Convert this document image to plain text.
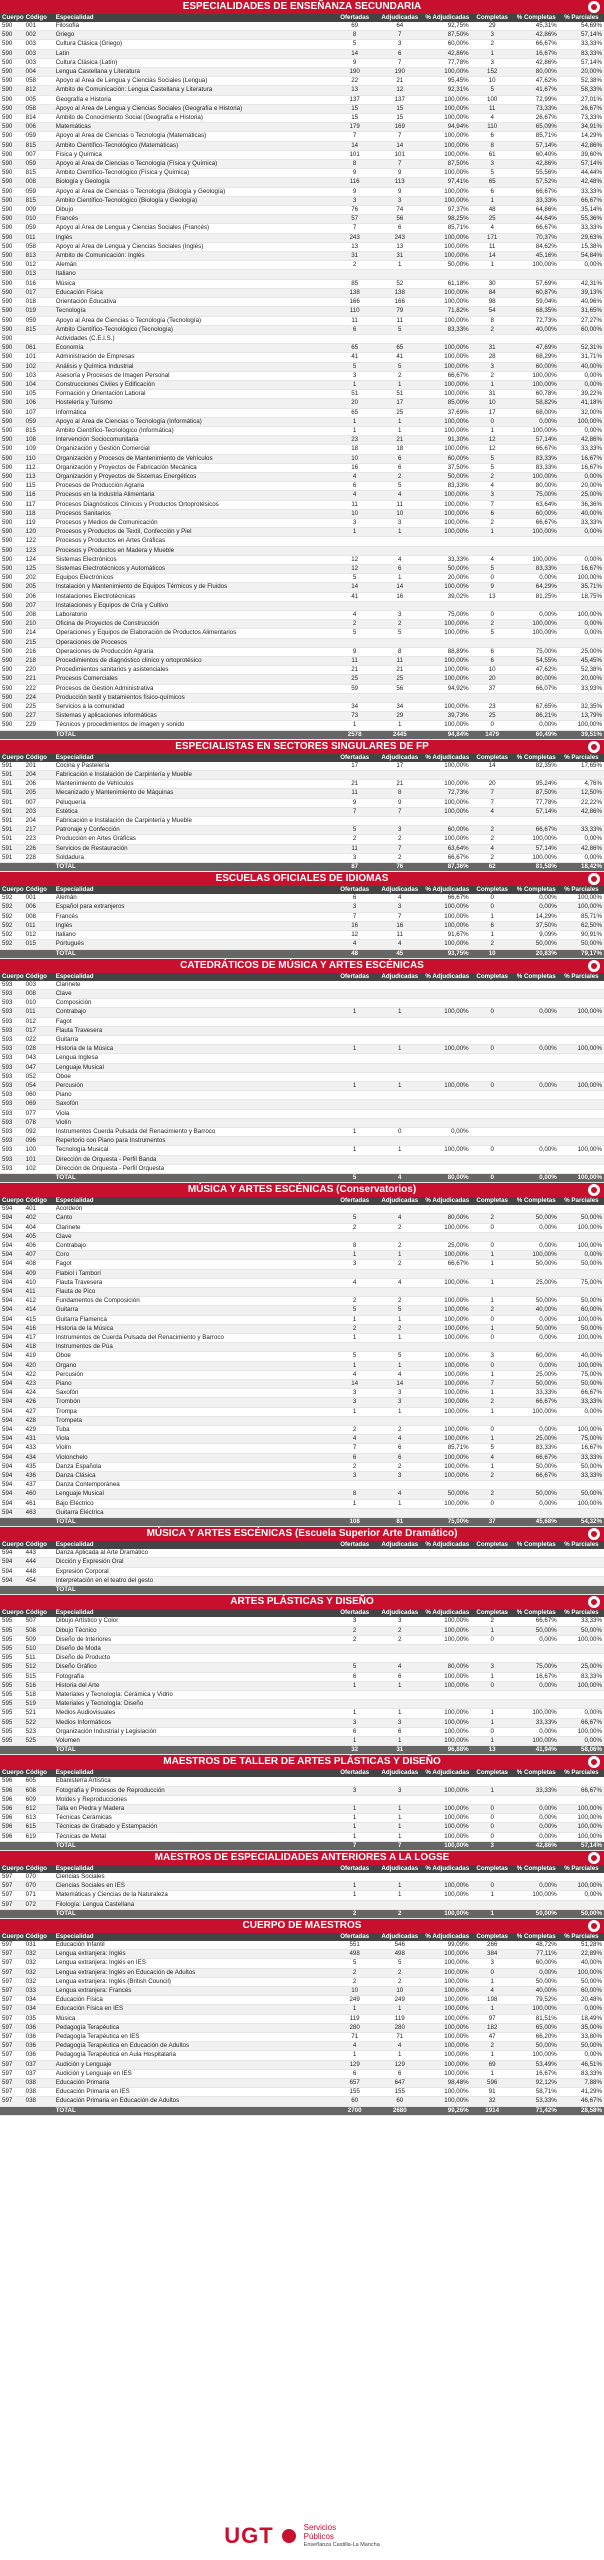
ESPECIALIDADES DE ENSEÑANZA SECUNDARIA
Cuerpo	Código	Especialidad	Ofertadas	Adjudicadas	% Adjudicadas	Completas	% Completas	% Parciales
590	001	Filosofía	69	64	92,75%	29	45,31%	54,69%
590	002	Griego	8	7	87,50%	3	42,86%	57,14%
590	003	Cultura Clásica (Griego)	5	3	60,00%	2	66,67%	33,33%
590	003	Latín	14	6	42,86%	1	16,67%	83,33%
590	003	Cultura Clásica (Latín)	9	7	77,78%	3	42,86%	57,14%
590	004	Lengua Castellana y Literatura	190	190	100,00%	152	80,00%	20,00%
590	058	Apoyo al Área de Lengua y Ciencias Sociales (Lengua)	22	21	95,45%	10	47,62%	52,38%
590	812	Ámbito de Comunicación: Lengua Castellana y Literatura	13	12	92,31%	5	41,67%	58,33%
590	005	Geografía e Historia	137	137	100,00%	100	72,99%	27,01%
590	058	Apoyo al Área de Lengua y Ciencias Sociales (Geografía e Historia)	15	15	100,00%	11	73,33%	26,67%
590	814	Ámbito de Conocimiento Social (Geografía e Historia)	15	15	100,00%	4	26,67%	73,33%
590	006	Matemáticas	179	169	94,94%	110	65,09%	34,91%
590	059	Apoyo al Área de Ciencias o Tecnología (Matemáticas)	7	7	100,00%	6	85,71%	14,29%
590	815	Ámbito Científico-Tecnológico (Matemáticas)	14	14	100,00%	8	57,14%	42,86%
590	007	Física y Química	101	101	100,00%	61	60,40%	39,60%
590	059	Apoyo al Área de Ciencias o Tecnología (Física y Química)	8	7	87,50%	3	42,86%	57,14%
590	815	Ámbito Científico-Tecnológico (Física y Química)	9	9	100,00%	5	55,56%	44,44%
590	008	Biología y Geología	116	113	97,41%	65	57,52%	42,48%
590	059	Apoyo al Área de Ciencias o Tecnología (Biología y Geología)	9	9	100,00%	6	66,67%	33,33%
590	815	Ámbito Científico-Tecnológico (Biología y Geología)	3	3	100,00%	1	33,33%	66,67%
590	009	Dibujo	76	74	97,37%	48	64,86%	35,14%
590	010	Francés	57	56	98,25%	25	44,64%	55,36%
590	059	Apoyo al Área de Lengua y Ciencias Sociales (Francés)	7	6	85,71%	4	66,67%	33,33%
590	011	Inglés	243	243	100,00%	171	70,37%	29,63%
590	058	Apoyo al Área de Lengua y Ciencias Sociales (Inglés)	13	13	100,00%	11	84,62%	15,38%
590	813	Ámbito de Comunicación: Inglés	31	31	100,00%	14	45,16%	54,84%
590	012	Alemán	2	1	50,00%	1	100,00%	0,00%
590	013	Italiano						
590	016	Música	85	52	61,18%	30	57,69%	42,31%
590	017	Educación Física	138	138	100,00%	84	60,87%	39,13%
590	018	Orientación Educativa	166	166	100,00%	98	59,04%	40,96%
590	019	Tecnología	110	79	71,82%	54	68,35%	31,65%
590	059	Apoyo al Área de Ciencias o Tecnología (Tecnología)	11	11	100,00%	8	72,73%	27,27%
590	815	Ámbito Científico-Tecnológico (Tecnología)	6	5	83,33%	2	40,00%	60,00%
590		Actividades (C.E.I.S.)						
590	061	Economía	65	65	100,00%	31	47,69%	52,31%
590	101	Administración de Empresas	41	41	100,00%	28	68,29%	31,71%
590	102	Análisis y Química Industrial	5	5	100,00%	3	60,00%	40,00%
590	103	Asesoría y Procesos de Imagen Personal	3	2	66,67%	2	100,00%	0,00%
590	104	Construcciones Civiles y Edificación	1	1	100,00%	1	100,00%	0,00%
590	105	Formación y Orientación Laboral	51	51	100,00%	31	60,78%	39,22%
590	106	Hostelería y Turismo	20	17	85,00%	10	58,82%	41,18%
590	107	Informática	65	25	37,69%	17	68,00%	32,00%
590	059	Apoyo al Área de Ciencias o Tecnología (Informática)	1	1	100,00%	0	0,00%	100,00%
590	815	Ámbito Científico-Tecnológico (Informática)	1	1	100,00%	1	100,00%	0,00%
590	108	Intervención Sociocomunitaria	23	21	91,30%	12	57,14%	42,86%
590	109	Organización y Gestión Comercial	18	18	100,00%	12	66,67%	33,33%
590	110	Organización y Procesos de Mantenimiento de Vehículos	10	6	60,00%	5	83,33%	16,67%
590	112	Organización y Proyectos de Fabricación Mecánica	16	6	37,50%	5	83,33%	16,67%
590	113	Organización y Proyectos de Sistemas Energéticos	4	2	50,00%	2	100,00%	0,00%
590	115	Procesos de Producción Agraria	6	5	83,33%	4	80,00%	20,00%
590	116	Procesos en la Industria Alimentaria	4	4	100,00%	3	75,00%	25,00%
590	117	Procesos Diagnósticos Clínicos y Productos Ortoprotésicos	11	11	100,00%	7	63,64%	36,36%
590	118	Procesos Sanitarios	10	10	100,00%	6	60,00%	40,00%
590	119	Procesos y Medios de Comunicación	3	3	100,00%	2	66,67%	33,33%
590	120	Procesos y Productos de Textil, Confección y Piel	1	1	100,00%	1	100,00%	0,00%
590	122	Procesos y Productos en Artes Gráficas						
590	123	Procesos y Productos en Madera y Mueble						
590	124	Sistemas Electrónicos	12	4	33,33%	4	100,00%	0,00%
590	125	Sistemas Electrotécnicos y Automáticos	12	6	50,00%	5	83,33%	16,67%
590	202	Equipos Electrónicos	5	1	20,00%	0	0,00%	100,00%
590	205	Instalación y Mantenimiento de Equipos Térmicos y de Fluidos	14	14	100,00%	9	64,29%	35,71%
590	206	Instalaciones Electrotécnicas	41	16	39,02%	13	81,25%	18,75%
590	207	Instalaciones y Equipos de Cría y Cultivo						
590	208	Laboratorio	4	3	75,00%	0	0,00%	100,00%
590	210	Oficina de Proyectos de Construcción	2	2	100,00%	2	100,00%	0,00%
590	214	Operaciones y Equipos de Elaboración de Productos Alimentarios	5	5	100,00%	5	100,00%	0,00%
590	215	Operaciones de Procesos						
590	216	Operaciones de Producción Agraria	9	8	88,89%	6	75,00%	25,00%
590	218	Procedimientos de diagnóstico clínico y ortoprotésico	11	11	100,00%	6	54,55%	45,45%
590	220	Procedimientos sanitarios y asistenciales	21	21	100,00%	10	47,62%	52,38%
590	221	Procesos Comerciales	25	25	100,00%	20	80,00%	20,00%
590	222	Procesos de Gestión Administrativa	59	56	94,92%	37	66,07%	33,93%
590	224	Producción textil y tratamientos físico-químicos						
590	225	Servicios a la comunidad	34	34	100,00%	23	67,65%	32,35%
590	227	Sistemas y aplicaciones informáticas	73	29	39,73%	25	86,21%	13,79%
590	229	Técnicos y procedimientos de imagen y sonido	1	1	100,00%	0	0,00%	100,00%
		TOTAL	2578	2445	94,84%	1479	60,49%	39,51%
ESPECIALISTAS EN SECTORES SINGULARES DE FP
Cuerpo	Código	Especialidad	Ofertadas	Adjudicadas	% Adjudicadas	Completas	% Completas	% Parciales
591	201	Cocina y Pastelería	17	17	100,00%	14	82,35%	17,65%
591	204	Fabricación e Instalación de Carpintería y Mueble						
591	206	Mantenimiento de Vehículos	21	21	100,00%	20	95,24%	4,76%
591	205	Mecanizado y Mantenimiento de Máquinas	11	8	72,73%	7	87,50%	12,50%
591	007	Peluquería	9	9	100,00%	7	77,78%	22,22%
591	203	Estética	7	7	100,00%	4	57,14%	42,86%
591	204	Fabricación e Instalación de Carpintería y Mueble						
591	217	Patronaje y Confección	5	3	60,00%	2	66,67%	33,33%
591	223	Producción en Artes Gráficas	2	2	100,00%	2	100,00%	0,00%
591	226	Servicios de Restauración	11	7	63,64%	4	57,14%	42,86%
591	228	Soldadura	3	2	66,67%	2	100,00%	0,00%
		TOTAL	87	76	87,36%	62	81,58%	18,42%
ESCUELAS OFICIALES DE IDIOMAS
Cuerpo	Código	Especialidad	Ofertadas	Adjudicadas	% Adjudicadas	Completas	% Completas	% Parciales
592	001	Alemán	6	4	66,67%	0	0,00%	100,00%
592	006	Español para extranjeros	3	3	100,00%	0	0,00%	100,00%
592	008	Francés	7	7	100,00%	1	14,29%	85,71%
592	011	Inglés	16	16	100,00%	6	37,50%	62,50%
592	012	Italiano	12	11	91,67%	1	9,09%	90,91%
592	015	Portugués	4	4	100,00%	2	50,00%	50,00%
		TOTAL	48	45	93,75%	10	20,83%	79,17%
CATEDRÁTICOS DE MÚSICA Y ARTES ESCÉNICAS
Cuerpo	Código	Especialidad	Ofertadas	Adjudicadas	% Adjudicadas	Completas	% Completas	% Parciales
593	003	Clarinete						
593	008	Clave						
593	010	Composición						
593	011	Contrabajo	1	1	100,00%	0	0,00%	100,00%
593	012	Fagot						
593	017	Flauta Travesera						
593	022	Guitarra						
593	028	Historia de la Música	1	1	100,00%	0	0,00%	100,00%
593	043	Lengua Inglesa						
593	047	Lenguaje Musical						
593	052	Oboe						
593	054	Percusión	1	1	100,00%	0	0,00%	100,00%
593	060	Piano						
593	069	Saxofón						
593	077	Viola						
593	078	Violín						
593	092	Instrumentos Cuerda Pulsada del Renacimiento y Barroco	1	0	0,00%			
593	096	Repertorio con Piano para Instrumentos						
593	100	Tecnología Musical	1	1	100,00%	0	0,00%	100,00%
593	101	Dirección de Orquesta - Perfil Banda						
593	102	Dirección de Orquesta - Perfil Orquesta						
		TOTAL	5	4	80,00%	0	0,00%	100,00%
MÚSICA Y ARTES ESCÉNICAS (Conservatorios)
Cuerpo	Código	Especialidad	Ofertadas	Adjudicadas	% Adjudicadas	Completas	% Completas	% Parciales
594	401	Acordeón						
594	402	Canto	5	4	80,00%	2	50,00%	50,00%
594	404	Clarinete	2	2	100,00%	0	0,00%	100,00%
594	405	Clave						
594	406	Contrabajo	8	2	25,00%	0	0,00%	100,00%
594	407	Coro	1	1	100,00%	1	100,00%	0,00%
594	408	Fagot	3	2	66,67%	1	50,00%	50,00%
594	409	Flabiol i Tamborí						
594	410	Flauta Travesera	4	4	100,00%	1	25,00%	75,00%
594	411	Flauta de Pico						
594	412	Fundamentos de Composición	2	2	100,00%	1	50,00%	50,00%
594	414	Guitarra	5	5	100,00%	2	40,00%	60,00%
594	415	Guitarra Flamenca	1	1	100,00%	0	0,00%	100,00%
594	416	Historia de la Música	2	2	100,00%	1	50,00%	50,00%
594	417	Instrumentos de Cuerda Pulsada del Renacimiento y Barroco	1	1	100,00%	0	0,00%	100,00%
594	418	Instrumentos de Púa						
594	419	Oboe	5	5	100,00%	3	60,00%	40,00%
594	420	Órgano	1	1	100,00%	0	0,00%	100,00%
594	422	Percusión	4	4	100,00%	1	25,00%	75,00%
594	423	Piano	14	14	100,00%	7	50,00%	50,00%
594	424	Saxofón	3	3	100,00%	1	33,33%	66,67%
594	426	Trombón	3	3	100,00%	2	66,67%	33,33%
594	427	Trompa	1	1	100,00%	1	100,00%	0,00%
594	428	Trompeta						
594	429	Tuba	2	2	100,00%	0	0,00%	100,00%
594	431	Viola	4	4	100,00%	1	25,00%	75,00%
594	433	Violín	7	6	85,71%	5	83,33%	16,67%
594	434	Violonchelo	6	6	100,00%	4	66,67%	33,33%
594	435	Danza Española	2	2	100,00%	1	50,00%	50,00%
594	436	Danza Clásica	3	3	100,00%	2	66,67%	33,33%
594	437	Danza Contemporánea						
594	460	Lenguaje Musical	8	4	50,00%	2	50,00%	50,00%
594	461	Bajo Eléctrico	1	1	100,00%	0	0,00%	100,00%
594	463	Guitarra Eléctrica						
		TOTAL	108	81	75,00%	37	45,68%	54,32%
MÚSICA Y ARTES ESCÉNICAS (Escuela Superior Arte Dramático)
Cuerpo	Código	Especialidad	Ofertadas	Adjudicadas	% Adjudicadas	Completas	% Completas	% Parciales
594	443	Danza Aplicada al Arte Dramático						
594	444	Dicción y Expresión Oral						
594	448	Expresión Corporal						
594	454	Interpretación en el teatro del gesto						
		TOTAL						
ARTES PLÁSTICAS Y DISEÑO
Cuerpo	Código	Especialidad	Ofertadas	Adjudicadas	% Adjudicadas	Completas	% Completas	% Parciales
595	507	Dibujo Artístico y Color	3	3	100,00%	2	66,67%	33,33%
595	508	Dibujo Técnico	2	2	100,00%	1	50,00%	50,00%
595	509	Diseño de Interiores	2	2	100,00%	0	0,00%	100,00%
595	510	Diseño de Moda						
595	511	Diseño de Producto						
595	512	Diseño Gráfico	5	4	80,00%	3	75,00%	25,00%
595	515	Fotografía	6	6	100,00%	1	16,67%	83,33%
595	516	Historia del Arte	1	1	100,00%	0	0,00%	100,00%
595	518	Materiales y Tecnología: Cerámica y Vidrio						
595	519	Materiales y Tecnología: Diseño						
595	521	Medios Audiovisuales	1	1	100,00%	1	100,00%	0,00%
595	522	Medios Informáticos	3	3	100,00%	1	33,33%	66,67%
595	523	Organización Industrial y Legislación	6	6	100,00%	0	0,00%	100,00%
595	525	Volumen	1	1	100,00%	1	100,00%	0,00%
		TOTAL	32	31	96,88%	13	41,94%	58,06%
MAESTROS DE TALLER DE ARTES PLÁSTICAS Y DISEÑO
Cuerpo	Código	Especialidad	Ofertadas	Adjudicadas	% Adjudicadas	Completas	% Completas	% Parciales
596	605	Ebanistería Artística						
596	608	Fotografía y Procesos de Reproducción	3	3	100,00%	1	33,33%	66,67%
596	609	Moldes y Reproducciones						
596	612	Talla en Piedra y Madera	1	1	100,00%	0	0,00%	100,00%
596	613	Técnicas Cerámicas	1	1	100,00%	0	0,00%	100,00%
596	615	Técnicas de Grabado y Estampación	1	1	100,00%	0	0,00%	100,00%
596	619	Técnicas de Metal	1	1	100,00%	0	0,00%	100,00%
		TOTAL	7	7	100,00%	3	42,86%	57,14%
MAESTROS DE ESPECIALIDADES ANTERIORES A LA LOGSE
Cuerpo	Código	Especialidad	Ofertadas	Adjudicadas	% Adjudicadas	Completas	% Completas	% Parciales
597	070	Ciencias Sociales						
597	070	Ciencias Sociales en IES	1	1	100,00%	0	0,00%	100,00%
597	071	Matemáticas y Ciencias de la Naturaleza	1	1	100,00%	1	100,00%	0,00%
597	072	Filología: Lengua Castellana						
		TOTAL	2	2	100,00%	1	50,00%	50,00%
CUERPO DE MAESTROS
Cuerpo	Código	Especialidad	Ofertadas	Adjudicadas	% Adjudicadas	Completas	% Completas	% Parciales
597	031	Educación Infantil	551	546	99,09%	266	48,72%	51,28%
597	032	Lengua extranjera: Inglés	498	498	100,00%	384	77,11%	22,89%
597	032	Lengua extranjera: Inglés en IES	5	5	100,00%	3	60,00%	40,00%
597	032	Lengua extranjera: Inglés en Educación de Adultos	2	2	100,00%	0	0,00%	100,00%
597	032	Lengua extranjera: Inglés (British Council)	2	2	100,00%	1	50,00%	50,00%
597	033	Lengua extranjera: Francés	10	10	100,00%	4	40,00%	60,00%
597	034	Educación Física	249	249	100,00%	198	79,52%	20,48%
597	034	Educación Física en IES	1	1	100,00%	1	100,00%	0,00%
597	035	Música	119	119	100,00%	97	81,51%	18,49%
597	036	Pedagogía Terapéutica	280	280	100,00%	182	65,00%	35,00%
597	036	Pedagogía Terapéutica en IES	71	71	100,00%	47	66,20%	33,80%
597	036	Pedagogía Terapéutica en Educación de Adultos	4	4	100,00%	2	50,00%	50,00%
597	036	Pedagogía Terapéutica en Aula Hospitalaria	1	1	100,00%	1	100,00%	0,00%
597	037	Audición y Lenguaje	129	129	100,00%	69	53,49%	46,51%
597	037	Audición y Lenguaje en IES	6	6	100,00%	1	16,67%	83,33%
597	038	Educación Primaria	657	647	98,48%	596	92,12%	7,88%
597	038	Educación Primaria en IES	155	155	100,00%	91	58,71%	41,29%
597	038	Educación Primaria en Educación de Adultos	60	60	100,00%	32	53,33%	46,67%
		TOTAL	2700	2680	99,26%	1914	71,42%	28,58%
UGT	Servicios
Públicos
Enseñanza Castilla-La Mancha
